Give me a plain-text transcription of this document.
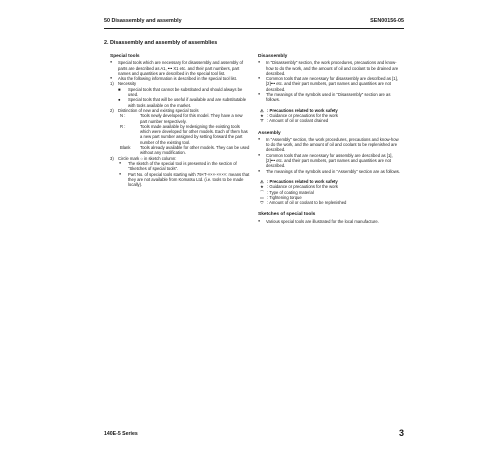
50 Disassembly and assembly	SEN00156-05
2. Disassembly and assembly of assemblies
Special tools

● Special tools which are necessary for disassembly and assembly of parts are described as A1, ••• X1 etc. and their part numbers, part names and quantities are described in the special tool list.

● Also the following information is described in the special tool list.

1) Necessity

■ Special tools that cannot be substituted and should always be used.

● Special tools that will be useful if available and are substitutable with tools available on the market.

2) Distinction of new and existing special tools

N :	Tools newly developed for this model. They have a new part number respectively.

R :	Tools made available by redesigning the existing tools which were developed for other models. Each of them has a new part number assigned by setting forward the part number of the existing tool.

Blank Tools already available for other models. They can be used without any modification.

3) Circle mark ○ in sketch column:

● The sketch of the special tool is presented in the section of "Sketches of special tools".

● Part No. of special tools starting with 79×T-×××-××××: means that they are not available from Komatsu Ltd. (i.e. tools to be made locally).

Disassembly

● In "Disassembly" section, the work procedures, precautions and know-how to do the work, and the amount of oil and coolant to be drained are described.

● Common tools that are necessary for disassembly are described as [1], [2]••• etc. and their part numbers, part names and quantities are not described.

● The meanings of the symbols used in "Disassembly" section are as follows.

⚠ : Precautions related to work safety

★ : Guidance or precautions for the work

⛛ : Amount of oil or coolant drained

Assembly

● In "Assembly" section, the work procedures, precautions and know-how to do the work, and the amount of oil and coolant to be replenished are described.

● Common tools that are necessary for assembly are described as [1], [2]••• etc. and their part numbers, part names and quantities are not described.

● The meanings of the symbols used in "Assembly" section are as follows.

⚠ : Precautions related to work safety

★ : Guidance or precautions for the work

⌒ : Type of coating material

▭ : Tightening torque

⛉ : Amount of oil or coolant to be replenished

Sketches of special tools

● Various special tools are illustrated for the local manufacture.

140E-5 Series	3
